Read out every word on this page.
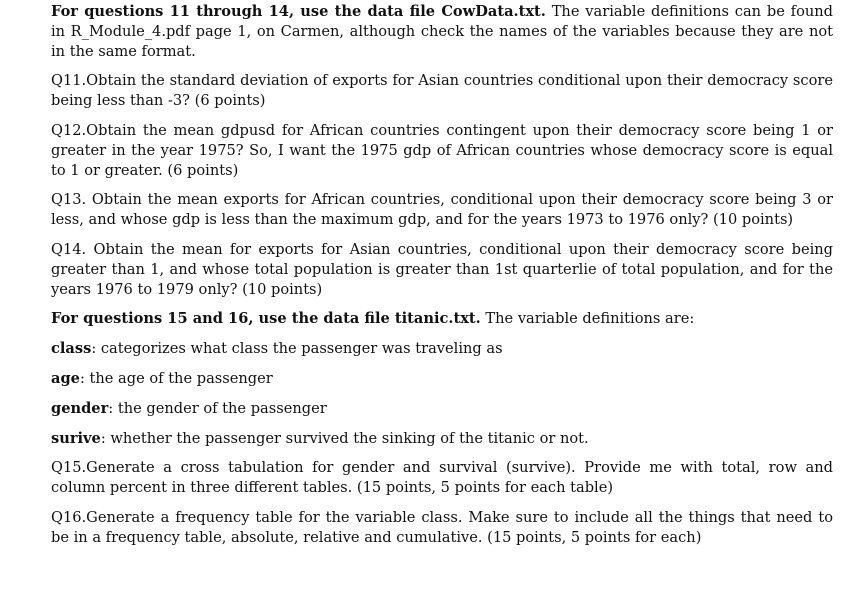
For questions 11 through 14, use the data file CowData.txt. The variable definitions can be found in R_Module_4.pdf page 1, on Carmen, although check the names of the variables because they are not in the same format.

Q11.Obtain the standard deviation of exports for Asian countries conditional upon their democracy score being less than -3? (6 points)

Q12.Obtain the mean gdpusd for African countries contingent upon their democracy score being 1 or greater in the year 1975? So, I want the 1975 gdp of African countries whose democracy score is equal to 1 or greater. (6 points)

Q13. Obtain the mean exports for African countries, conditional upon their democracy score being 3 or less, and whose gdp is less than the maximum gdp, and for the years 1973 to 1976 only? (10 points)

Q14. Obtain the mean for exports for Asian countries, conditional upon their democracy score being greater than 1, and whose total population is greater than 1st quarterlie of total population, and for the years 1976 to 1979 only? (10 points)

For questions 15 and 16, use the data file titanic.txt. The variable definitions are:

class: categorizes what class the passenger was traveling as

age: the age of the passenger

gender: the gender of the passenger

surive: whether the passenger survived the sinking of the titanic or not.

Q15.Generate a cross tabulation for gender and survival (survive). Provide me with total, row and column percent in three different tables. (15 points, 5 points for each table)

Q16.Generate a frequency table for the variable class. Make sure to include all the things that need to be in a frequency table, absolute, relative and cumulative. (15 points, 5 points for each)
